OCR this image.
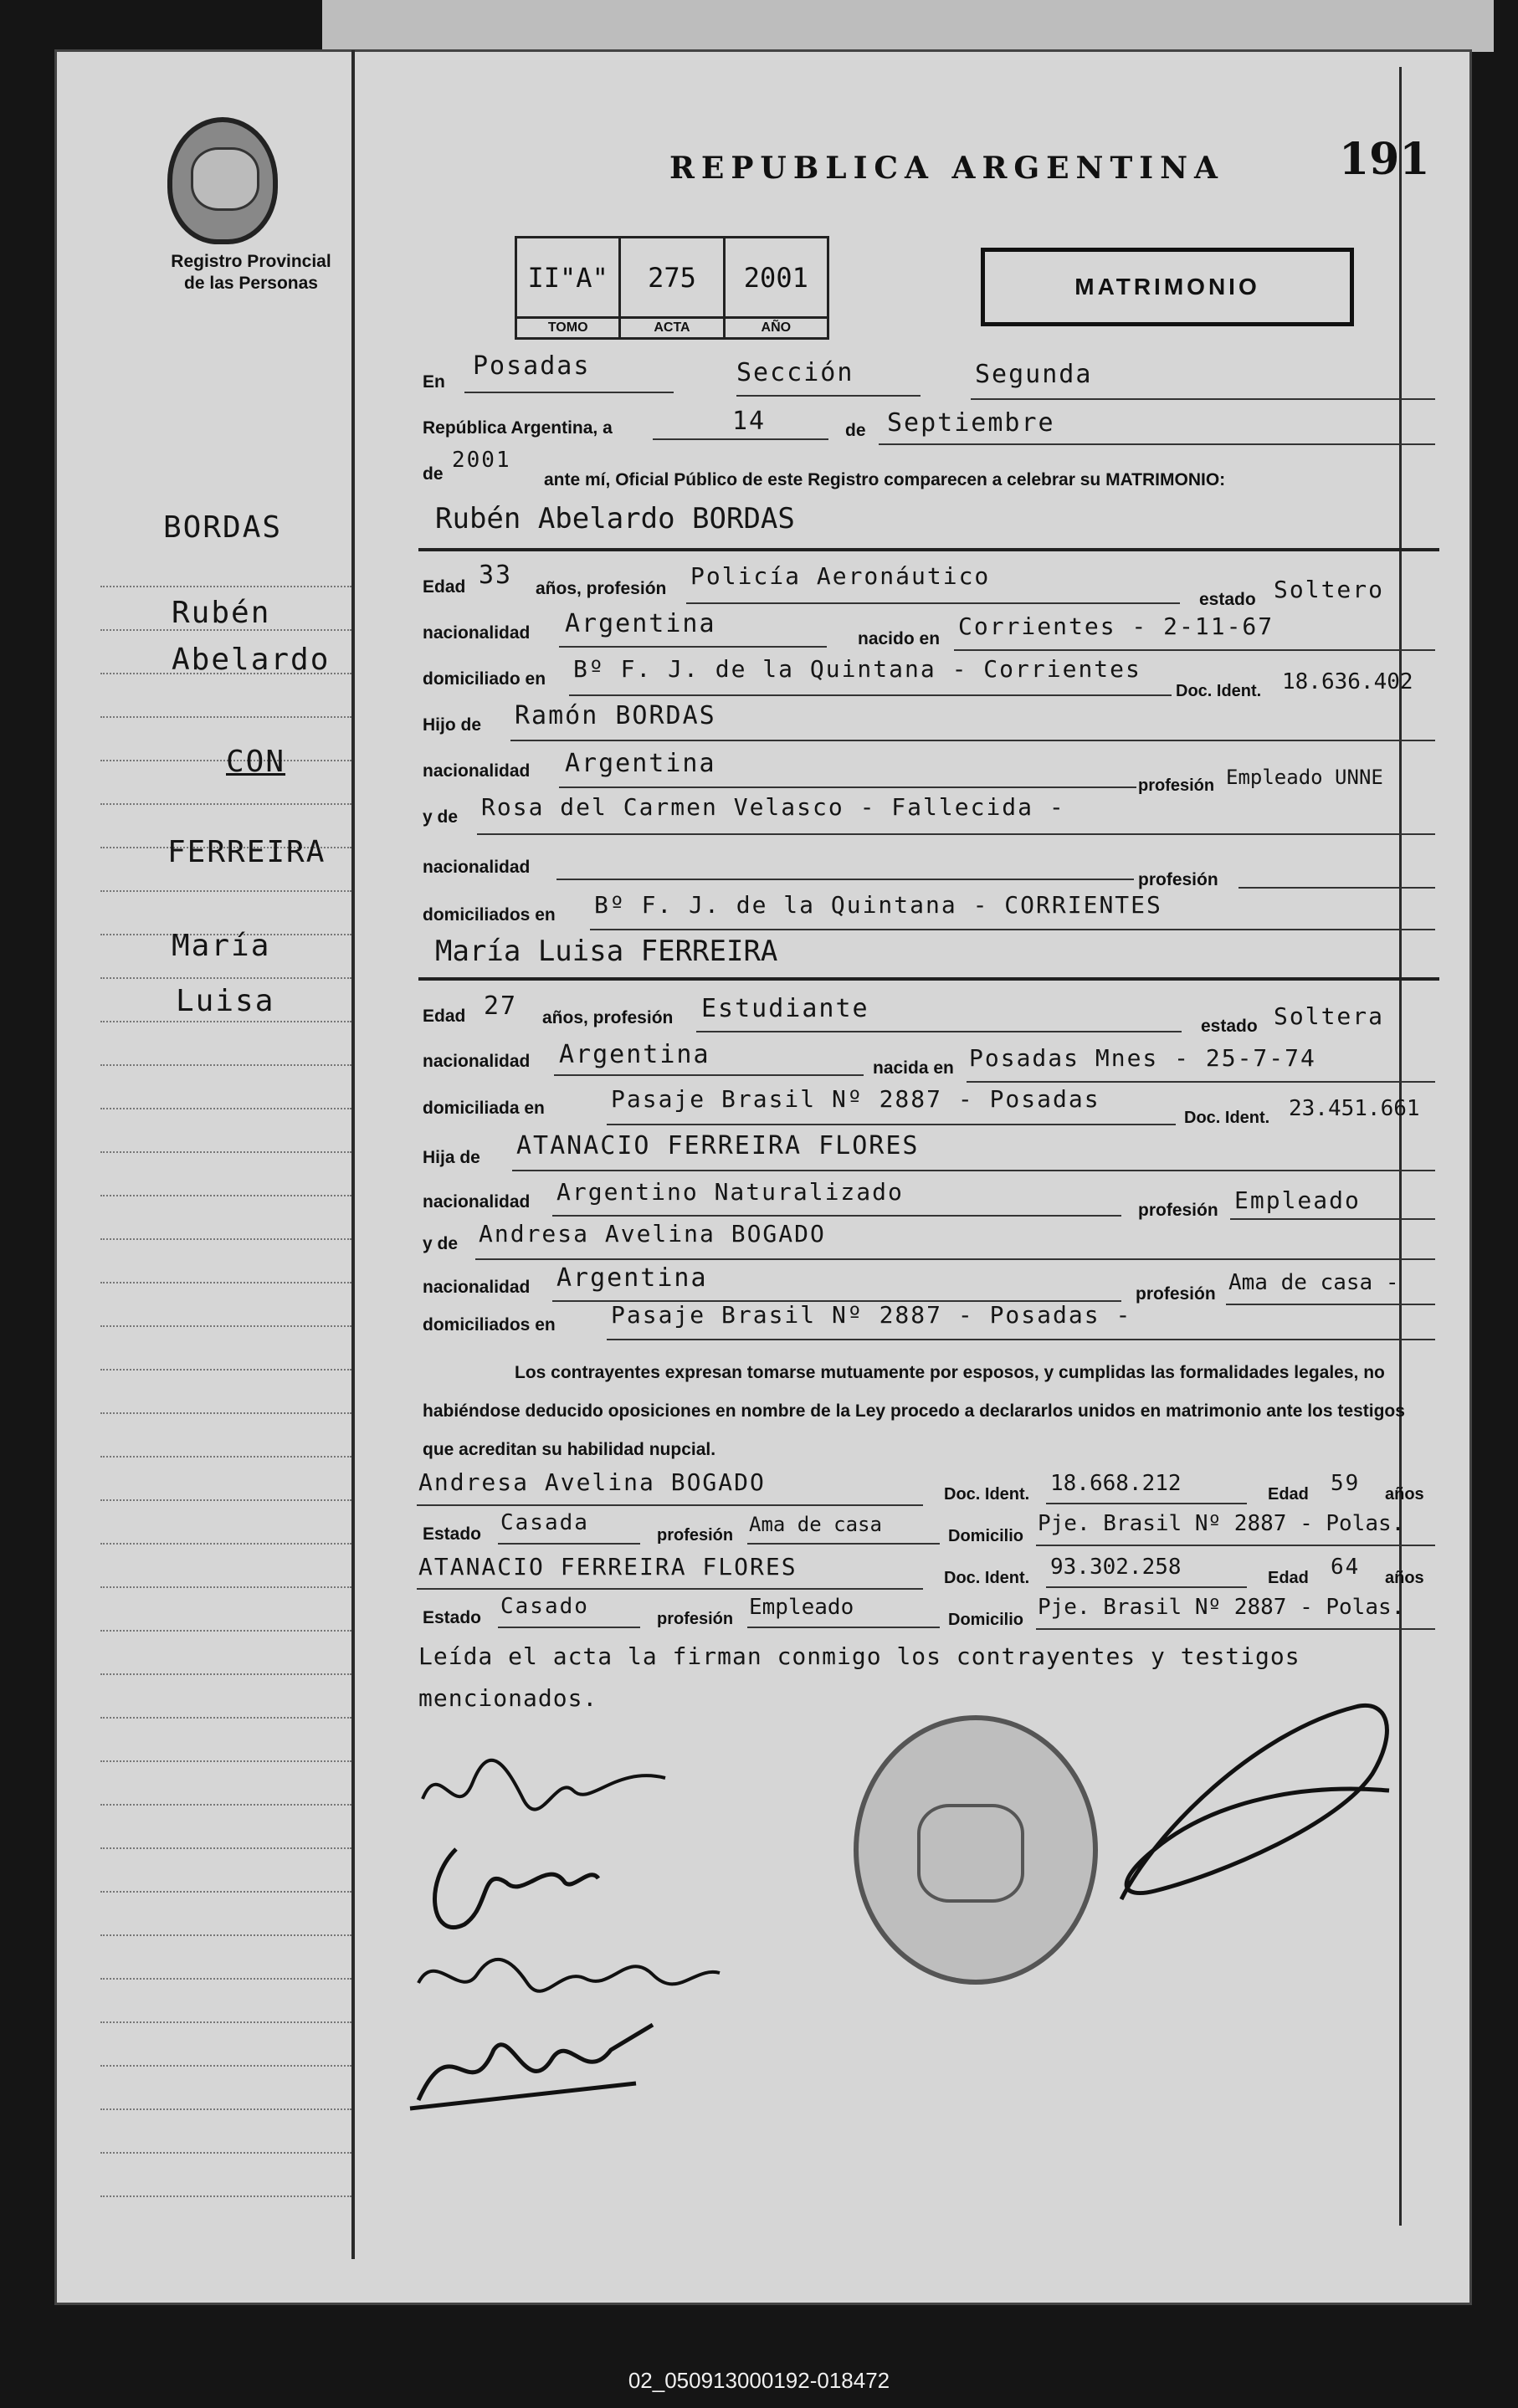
Registro Provincial
de las Personas
REPUBLICA ARGENTINA	191
II"A"
TOMO
275
ACTA
2001
AÑO
MATRIMONIO
BORDAS
Rubén
Abelardo
CON
FERREIRA
María
Luisa
En
Posadas	Sección	Segunda
República Argentina, a	14	de Septiembre
de
2001
ante mí, Oficial Público de este Registro comparecen a celebrar su MATRIMONIO:
Rubén Abelardo BORDAS
Edad 33 años, profesión Policía Aeronáutico
estado Soltero
nacionalidad Argentina
nacido en Corrientes - 2-11-67
domiciliado en Bº F. J. de la Quintana - Corrientes
Doc. Ident. 18.636.402
Hijo de Ramón BORDAS
nacionalidad Argentina
profesión Empleado UNNE
y de Rosa del Carmen Velasco - Fallecida -
nacionalidad
profesión
domiciliados en Bº F. J. de la Quintana - CORRIENTES
María Luisa FERREIRA
Edad 27 años, profesión Estudiante
estado Soltera
nacionalidad Argentina	nacida en Posadas Mnes - 25-7-74
domiciliada en	Pasaje Brasil Nº 2887 - Posadas
Doc. Ident. 23.451.661
Hija de ATANACIO FERREIRA FLORES
nacionalidad Argentino Naturalizado
profesión Empleado
y de Andresa Avelina BOGADO
nacionalidad Argentina
profesión Ama de casa -
domiciliados en Pasaje Brasil Nº 2887 - Posadas -
Los contrayentes expresan tomarse mutuamente por esposos, y cumplidas las formalidades legales, no habiéndose deducido oposiciones en nombre de la Ley procedo a declararlos unidos en matrimonio ante los testigos que acreditan su habilidad nupcial.
Andresa Avelina BOGADO	Doc. Ident. 18.668.212	Edad 59 años
Estado Casada	profesión Ama de casa	Domicilio Pje. Brasil Nº 2887 - Polas.
ATANACIO FERREIRA FLORES	Doc. Ident. 93.302.258	Edad 64 años
Estado Casado	profesión Empleado	Domicilio Pje. Brasil Nº 2887 - Polas.
Leída el acta la firman conmigo los contrayentes y testigos mencionados.
02_050913000192-018472
